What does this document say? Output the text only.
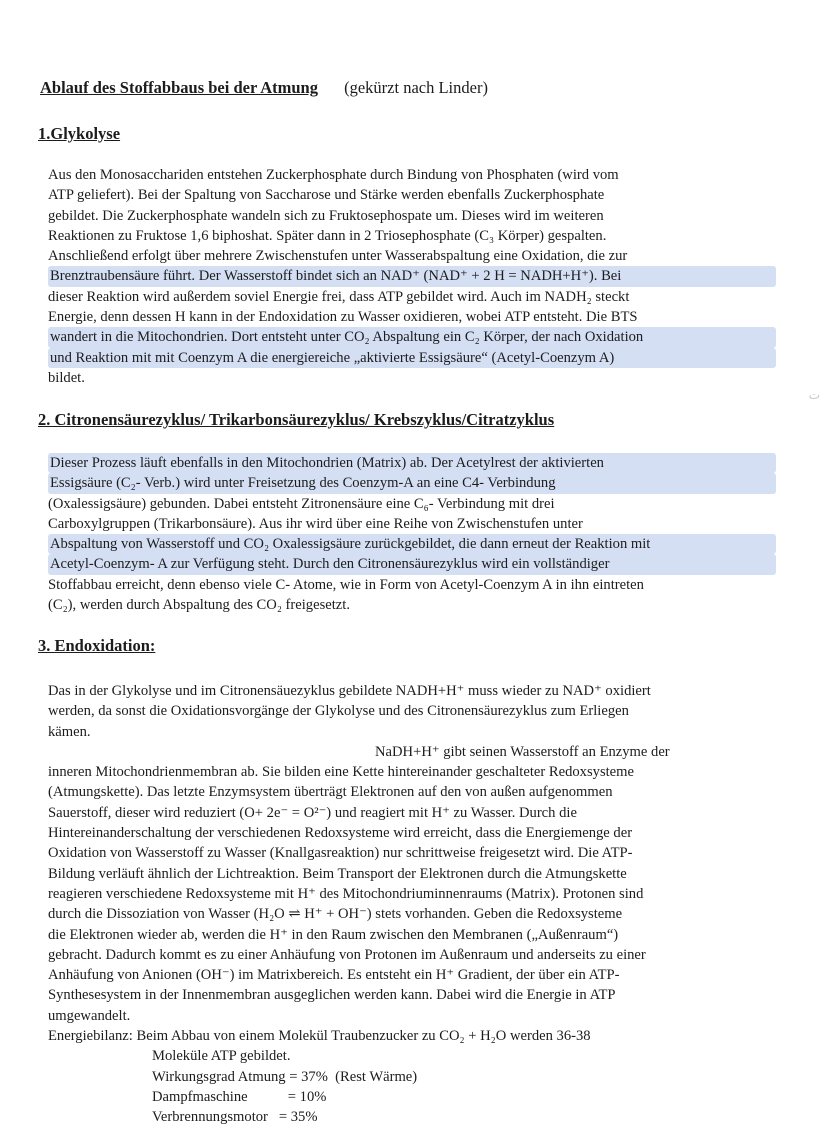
Ablauf des Stoffabbaus bei der Atmung (gekürzt nach Linder)
1.Glykolyse
Aus den Monosacchariden entstehen Zuckerphosphate durch Bindung von Phosphaten (wird vom
ATP geliefert). Bei der Spaltung von Saccharose und Stärke werden ebenfalls Zuckerphosphate
gebildet. Die Zuckerphosphate wandeln sich zu Fruktosephospate um. Dieses wird im weiteren
Reaktionen zu Fruktose 1,6 biphoshat. Später dann in 2 Triosephosphate (C₃ Körper) gespalten.
Anschließend erfolgt über mehrere Zwischenstufen unter Wasserabspaltung eine Oxidation, die zur
Brenztraubensäure führt. Der Wasserstoff bindet sich an NAD⁺ (NAD⁺ + 2 H = NADH+H⁺). Bei
dieser Reaktion wird außerdem soviel Energie frei, dass ATP gebildet wird. Auch im NADH₂ steckt
Energie, denn dessen H kann in der Endoxidation zu Wasser oxidieren, wobei ATP entsteht. Die BTS
wandert in die Mitochondrien. Dort entsteht unter CO₂ Abspaltung ein C₂ Körper, der nach Oxidation
und Reaktion mit mit Coenzym A die energiereiche „aktivierte Essigsäure“ (Acetyl-Coenzym A)
bildet.
ت
2. Citronensäurezyklus/ Trikarbonsäurezyklus/ Krebszyklus/Citratzyklus
Dieser Prozess läuft ebenfalls in den Mitochondrien (Matrix) ab. Der Acetylrest der aktivierten
Essigsäure (C₂- Verb.) wird unter Freisetzung des Coenzym-A an eine C4- Verbindung
(Oxalessigsäure) gebunden. Dabei entsteht Zitronensäure eine C₆- Verbindung mit drei
Carboxylgruppen (Trikarbonsäure). Aus ihr wird über eine Reihe von Zwischenstufen unter
Abspaltung von Wasserstoff und CO₂ Oxalessigsäure zurückgebildet, die dann erneut der Reaktion mit
Acetyl-Coenzym- A zur Verfügung steht. Durch den Citronensäurezyklus wird ein vollständiger
Stoffabbau erreicht, denn ebenso viele C- Atome, wie in Form von Acetyl-Coenzym A in ihn eintreten
(C₂), werden durch Abspaltung des CO₂ freigesetzt.
3. Endoxidation:
Das in der Glykolyse und im Citronensäuezyklus gebildete NADH+H⁺ muss wieder zu NAD⁺ oxidiert
werden, da sonst die Oxidationsvorgänge der Glykolyse und des Citronensäurezyklus zum Erliegen
kämen.
NaDH+H⁺ gibt seinen Wasserstoff an Enzyme der
inneren Mitochondrienmembran ab. Sie bilden eine Kette hintereinander geschalteter Redoxsysteme
(Atmungskette). Das letzte Enzymsystem überträgt Elektronen auf den von außen aufgenommen
Sauerstoff, dieser wird reduziert (O+ 2e⁻ = O²⁻) und reagiert mit H⁺ zu Wasser. Durch die
Hintereinanderschaltung der verschiedenen Redoxsysteme wird erreicht, dass die Energiemenge der
Oxidation von Wasserstoff zu Wasser (Knallgasreaktion) nur schrittweise freigesetzt wird. Die ATP-
Bildung verläuft ähnlich der Lichtreaktion. Beim Transport der Elektronen durch die Atmungskette
reagieren verschiedene Redoxsysteme mit H⁺ des Mitochondriuminnenraums (Matrix). Protonen sind
durch die Dissoziation von Wasser (H₂O ⇌ H⁺ + OH⁻) stets vorhanden. Geben die Redoxsysteme
die Elektronen wieder ab, werden die H⁺ in den Raum zwischen den Membranen („Außenraum“)
gebracht. Dadurch kommt es zu einer Anhäufung von Protonen im Außenraum und anderseits zu einer
Anhäufung von Anionen (OH⁻) im Matrixbereich. Es entsteht ein H⁺ Gradient, der über ein ATP-
Synthesesystem in der Innenmembran ausgeglichen werden kann. Dabei wird die Energie in ATP
umgewandelt.
Energiebilanz: Beim Abbau von einem Molekül Traubenzucker zu CO₂ + H₂O werden 36-38
Moleküle ATP gebildet.
Wirkungsgrad Atmung = 37%  (Rest Wärme)
Dampfmaschine           = 10%
Verbrennungsmotor   = 35%
